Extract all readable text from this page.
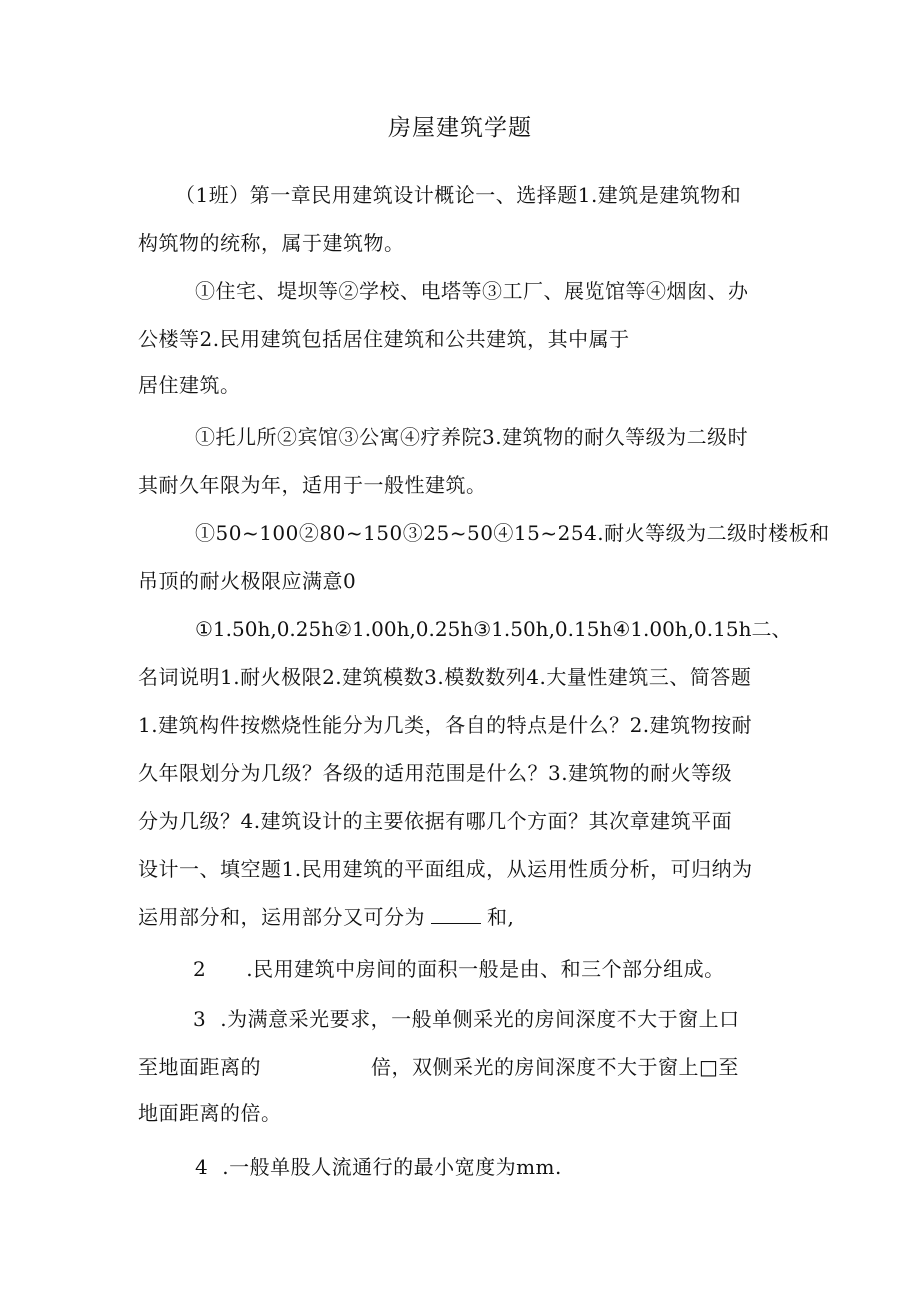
房屋建筑学题
（1班）第一章民用建筑设计概论一、选择题1.建筑是建筑物和
构筑物的统称，属于建筑物。
①住宅、堤坝等②学校、电塔等③工厂、展览馆等④烟囱、办
公楼等2.民用建筑包括居住建筑和公共建筑，其中属于
居住建筑。
①托儿所②宾馆③公寓④疗养院3.建筑物的耐久等级为二级时
其耐久年限为年，适用于一般性建筑。
①50~100②80~150③25~50④15~254.耐火等级为二级时楼板和
吊顶的耐火极限应满意0
①1.50h,0.25h②1.00h,0.25h③1.50h,0.15h④1.00h,0.15h二、
名词说明1.耐火极限2.建筑模数3.模数数列4.大量性建筑三、简答题
1.建筑构件按燃烧性能分为几类，各自的特点是什么？2.建筑物按耐
久年限划分为几级？各级的适用范围是什么？3.建筑物的耐火等级
分为几级？4.建筑设计的主要依据有哪几个方面？其次章建筑平面
设计一、填空题1.民用建筑的平面组成，从运用性质分析，可归纳为
运用部分和，运用部分又可分为	和,
2 .民用建筑中房间的面积一般是由、和三个部分组成。
3 .为满意采光要求，一般单侧采光的房间深度不大于窗上口
至地面距离的	倍，双侧采光的房间深度不大于窗上□至
地面距离的倍。
4 .一般单股人流通行的最小宽度为mm.
